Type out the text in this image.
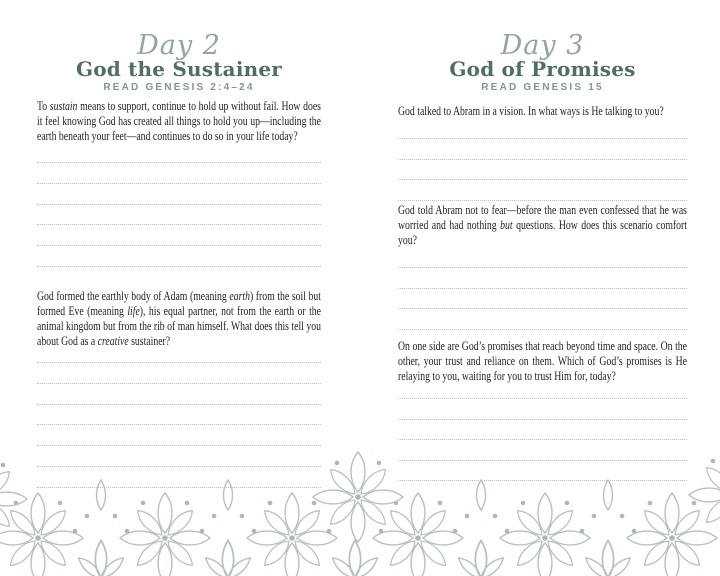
Day 2
God the Sustainer
READ GENESIS 2:4–24

To sustain means to support, continue to hold up without fail. How does it feel knowing God has created all things to hold you up—including the earth beneath your feet—and continues to do so in your life today?

God formed the earthly body of Adam (meaning earth) from the soil but formed Eve (meaning life), his equal partner, not from the earth or the animal kingdom but from the rib of man himself. What does this tell you about God as a creative sustainer?

Day 3
God of Promises
READ GENESIS 15

God talked to Abram in a vision. In what ways is He talking to you?

God told Abram not to fear—before the man even confessed that he was worried and had nothing but questions. How does this scenario comfort you?

On one side are God’s promises that reach beyond time and space. On the other, your trust and reliance on them. Which of God’s promises is He relaying to you, waiting for you to trust Him for, today?
